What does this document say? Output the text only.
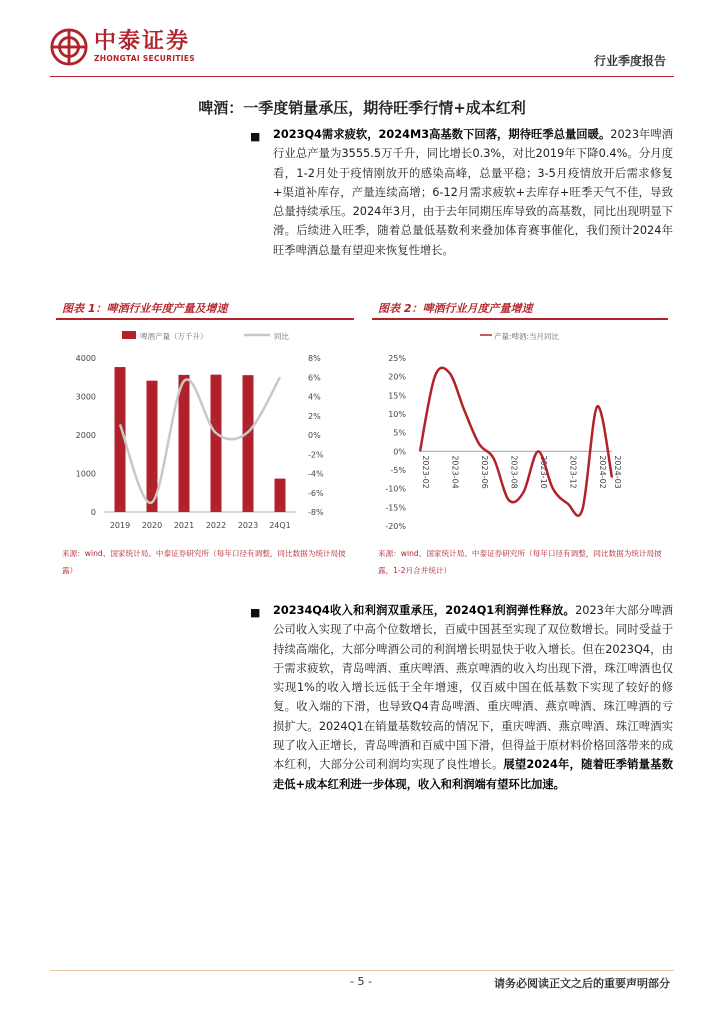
中泰证券
ZHONGTAI SECURITIES	行业季度报告
啤酒：一季度销量承压，期待旺季行情+成本红利
■ 2023Q4需求疲软，2024M3高基数下回落，期待旺季总量回暖。2023年啤酒行业总产量为3555.5万千升，同比增长0.3%，对比2019年下降0.4%。分月度看，1-2月处于疫情刚放开的感染高峰，总量平稳；3-5月疫情放开后需求修复+渠道补库存，产量连续高增；6-12月需求疲软+去库存+旺季天气不佳，导致总量持续承压。2024年3月，由于去年同期压库导致的高基数，同比出现明显下滑。后续进入旺季，随着总量低基数利来叠加体育赛事催化，我们预计2024年旺季啤酒总量有望迎来恢复性增长。
图表 1：啤酒行业年度产量及增速
啤酒产量（万千升）	同比
0
1000
2000
3000
4000
-8%
-6%
-4%
-2%
0%
2%
4%
6%
8%
2019 2020 2021 2022 2023 24Q1
来源：wind、国家统计局、中泰证券研究所（每年口径有调整，同比数据为统计局披露）
图表 2：啤酒行业月度产量增速
产量:啤酒:当月同比
-20%
-15%
-10%
-5%
0%
5%
10%
15%
20%
25%
2023-02	2023-04	2023-06	2023-08	2023-10	2023-12	2024-02 2024-03
来源：wind、国家统计局、中泰证券研究所（每年口径有调整，同比数据为统计局披露，1-2月合并统计）
■ 20234Q4收入和利润双重承压，2024Q1利润弹性释放。2023年大部分啤酒公司收入实现了中高个位数增长，百威中国甚至实现了双位数增长。同时受益于持续高端化，大部分啤酒公司的利润增长明显快于收入增长。但在2023Q4，由于需求疲软，青岛啤酒、重庆啤酒、燕京啤酒的收入均出现下滑，珠江啤酒也仅实现1%的收入增长远低于全年增速，仅百威中国在低基数下实现了较好的修复。收入端的下滑，也导致Q4青岛啤酒、重庆啤酒、燕京啤酒、珠江啤酒的亏损扩大。2024Q1在销量基数较高的情况下，重庆啤酒、燕京啤酒、珠江啤酒实现了收入正增长，青岛啤酒和百威中国下滑，但得益于原材料价格回落带来的成本红利，大部分公司利润均实现了良性增长。展望2024年，随着旺季销量基数走低+成本红利进一步体现，收入和利润端有望环比加速。
- 5 -	请务必阅读正文之后的重要声明部分
